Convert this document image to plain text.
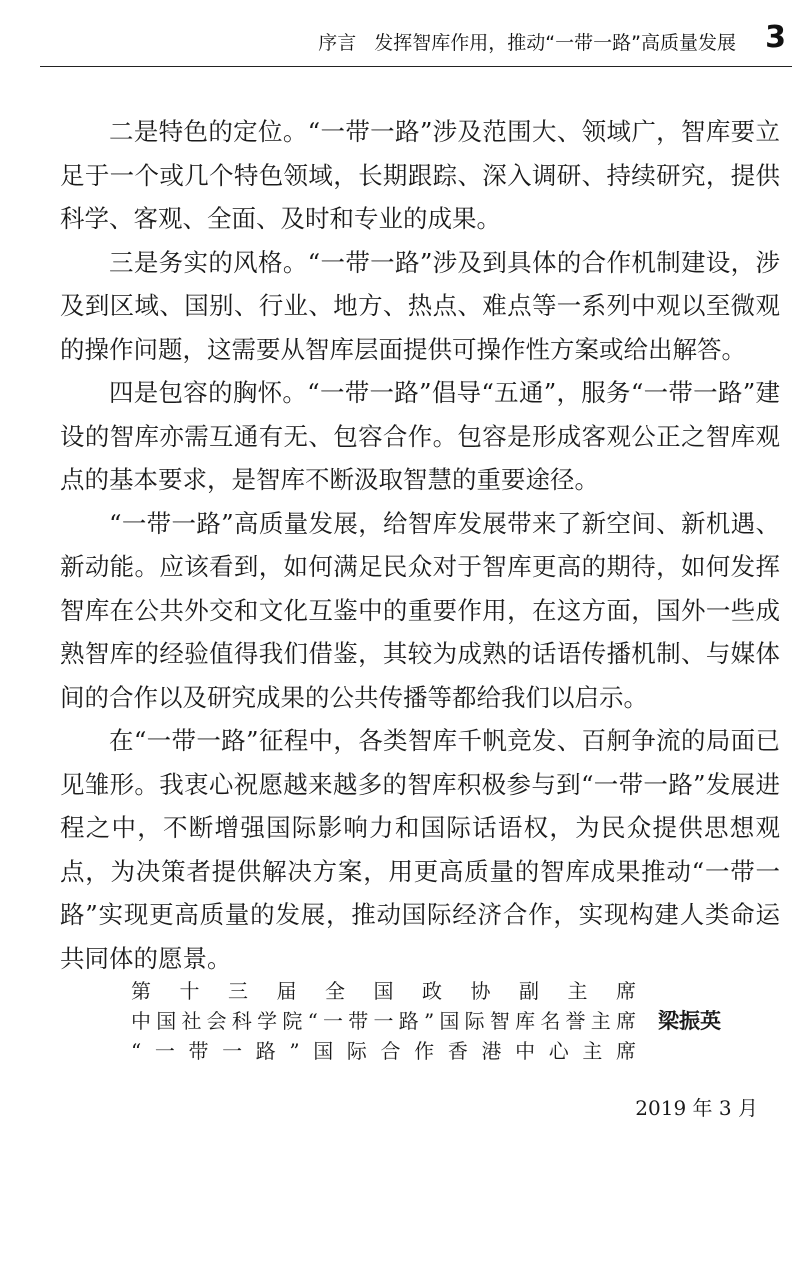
序言 发挥智库作用，推动“一带一路”高质量发展 3

二是特色的定位。“一带一路”涉及范围大、领域广，智库要立足于一个或几个特色领域，长期跟踪、深入调研、持续研究，提供科学、客观、全面、及时和专业的成果。

三是务实的风格。“一带一路”涉及到具体的合作机制建设，涉及到区域、国别、行业、地方、热点、难点等一系列中观以至微观的操作问题，这需要从智库层面提供可操作性方案或给出解答。

四是包容的胸怀。“一带一路”倡导“五通”，服务“一带一路”建设的智库亦需互通有无、包容合作。包容是形成客观公正之智库观点的基本要求，是智库不断汲取智慧的重要途径。

“一带一路”高质量发展，给智库发展带来了新空间、新机遇、新动能。应该看到，如何满足民众对于智库更高的期待，如何发挥智库在公共外交和文化互鉴中的重要作用，在这方面，国外一些成熟智库的经验值得我们借鉴，其较为成熟的话语传播机制、与媒体间的合作以及研究成果的公共传播等都给我们以启示。

在“一带一路”征程中，各类智库千帆竞发、百舸争流的局面已见雏形。我衷心祝愿越来越多的智库积极参与到“一带一路”发展进程之中，不断增强国际影响力和国际话语权，为民众提供思想观点，为决策者提供解决方案，用更高质量的智库成果推动“一带一路”实现更高质量的发展，推动国际经济合作，实现构建人类命运共同体的愿景。

第十三届全国政协副主席
中国社会科学院“一带一路”国际智库名誉主席 梁振英
“一带一路”国际合作香港中心主席
2019 年 3 月
